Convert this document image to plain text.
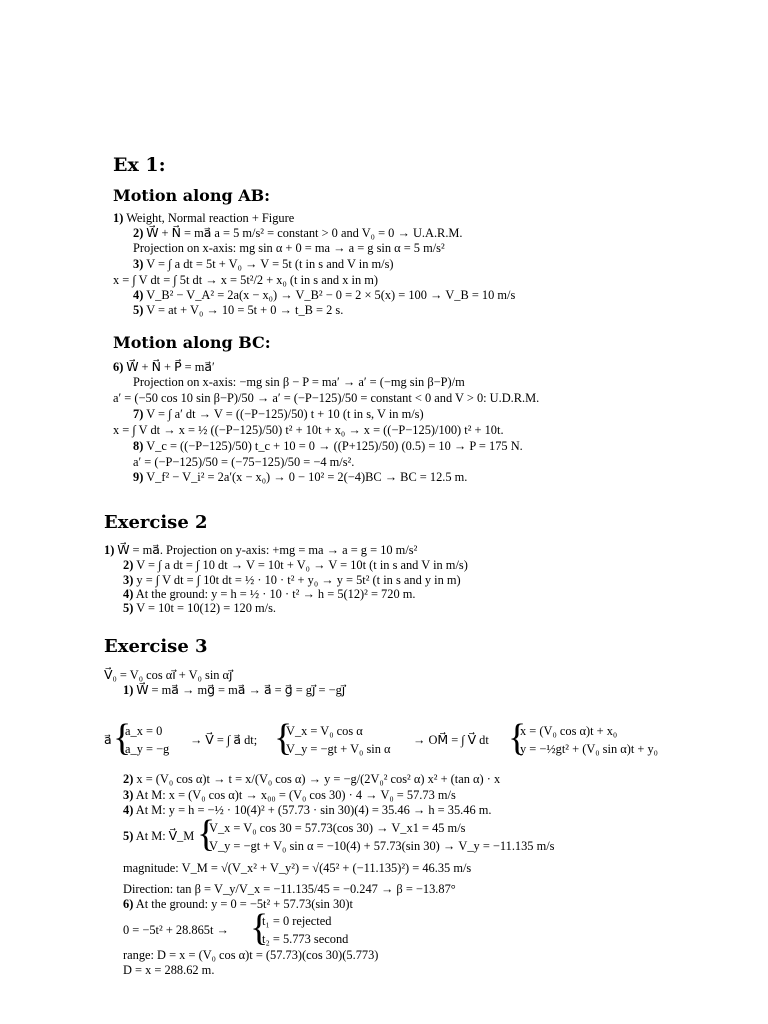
Ex 1:
Motion along AB:
1) Weight, Normal reaction + Figure
2) W⃗ + N⃗ = ma⃗ a = 5 m/s² = constant > 0 and V₀ = 0 → U.A.R.M.
Projection on x-axis: mg sin α + 0 = ma → a = g sin α = 5 m/s²
3) V = ∫ a dt = 5t + V₀ → V = 5t (t in s and V in m/s)
x = ∫ V dt = ∫ 5t dt → x = 5t²/2 + x₀ (t in s and x in m)
4) V_B² − V_A² = 2a(x − x₀) → V_B² − 0 = 2 × 5(x) = 100 → V_B = 10 m/s
5) V = at + V₀ → 10 = 5t + 0 → t_B = 2 s.
Motion along BC:
6) W⃗ + N⃗ + P⃗ = ma⃗′
Projection on x-axis: −mg sin β − P = ma′ → a′ = (−mg sin β−P)/m
a′ = (−50 cos 10 sin β−P)/50 → a′ = (−P−125)/50 = constant < 0 and V > 0: U.D.R.M.
7) V = ∫ a′ dt → V = ((−P−125)/50) t + 10 (t in s, V in m/s)
x = ∫ V dt → x = ½ ((−P−125)/50) t² + 10t + x₀ → x = ((−P−125)/100) t² + 10t.
8) V_c = ((−P−125)/50) t_c + 10 = 0 → ((P+125)/50) (0.5) = 10 → P = 175 N.
a′ = (−P−125)/50 = (−75−125)/50 = −4 m/s².
9) V_f² − V_i² = 2a′(x − x₀) → 0 − 10² = 2(−4)BC → BC = 12.5 m.
Exercise 2
1) W⃗ = ma⃗. Projection on y-axis: +mg = ma → a = g = 10 m/s²
2) V = ∫ a dt = ∫ 10 dt → V = 10t + V₀ → V = 10t (t in s and V in m/s)
3) y = ∫ V dt = ∫ 10t dt = ½ · 10 · t² + y₀ → y = 5t² (t in s and y in m)
4) At the ground: y = h = ½ · 10 · t² → h = 5(12)² = 720 m.
5) V = 10t = 10(12) = 120 m/s.
Exercise 3
V⃗₀ = V₀ cos αi⃗ + V₀ sin αj⃗
1) W⃗ = ma⃗ → mg⃗ = ma⃗ → a⃗ = g⃗ = gj⃗ = −gj⃗
a⃗ {
a_x = 0
a_y = −g
→ V⃗ = ∫ a⃗ dt; {
V_x = V₀ cos α
V_y = −gt + V₀ sin α
→ OM⃗ = ∫ V⃗ dt {
x = (V₀ cos α)t + x₀
y = −½gt² + (V₀ sin α)t + y₀
2) x = (V₀ cos α)t → t = x/(V₀ cos α) → y = −g/(2V₀² cos² α) x² + (tan α) · x
3) At M: x = (V₀ cos α)t → x₀₀ = (V₀ cos 30) · 4 → V₀ = 57.73 m/s
4) At M: y = h = −½ · 10(4)² + (57.73 · sin 30)(4) = 35.46 → h = 35.46 m.
5) At M: V⃗_M {
V_x = V₀ cos 30 = 57.73(cos 30) → V_x1 = 45 m/s
V_y = −gt + V₀ sin α = −10(4) + 57.73(sin 30) → V_y = −11.135 m/s
magnitude: V_M = √(V_x² + V_y²) = √(45² + (−11.135)²) = 46.35 m/s
Direction: tan β = V_y/V_x = −11.135/45 = −0.247 → β = −13.87°
6) At the ground: y = 0 = −5t² + 57.73(sin 30)t
0 = −5t² + 28.865t → {
t₁ = 0 rejected
t₂ = 5.773 second
range: D = x = (V₀ cos α)t = (57.73)(cos 30)(5.773)
D = x = 288.62 m.
